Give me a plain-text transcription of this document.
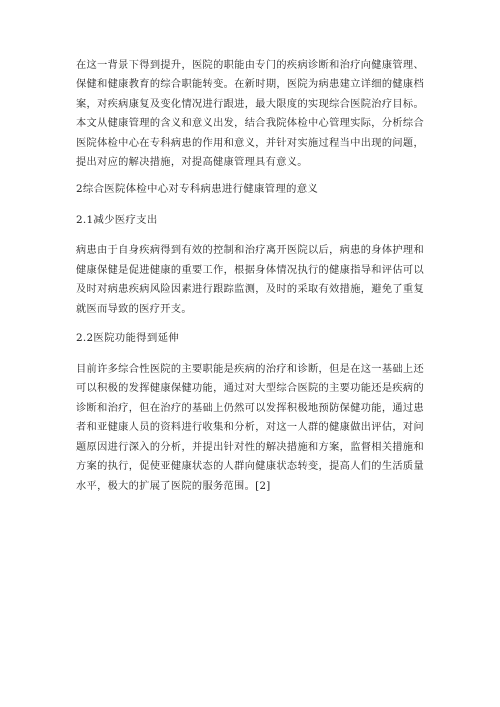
在这一背景下得到提升，医院的职能由专门的疾病诊断和治疗向健康管理、保健和健康教育的综合职能转变。在新时期，医院为病患建立详细的健康档案，对疾病康复及变化情况进行跟进，最大限度的实现综合医院治疗目标。本文从健康管理的含义和意义出发，结合我院体检中心管理实际，分析综合医院体检中心在专科病患的作用和意义，并针对实施过程当中出现的问题，提出对应的解决措施，对提高健康管理具有意义。

2综合医院体检中心对专科病患进行健康管理的意义

2.1减少医疗支出

病患由于自身疾病得到有效的控制和治疗离开医院以后，病患的身体护理和健康保健是促进健康的重要工作，根据身体情况执行的健康指导和评估可以及时对病患疾病风险因素进行跟踪监测，及时的采取有效措施，避免了重复就医而导致的医疗开支。

2.2医院功能得到延伸

目前许多综合性医院的主要职能是疾病的治疗和诊断，但是在这一基础上还可以积极的发挥健康保健功能，通过对大型综合医院的主要功能还是疾病的诊断和治疗，但在治疗的基础上仍然可以发挥积极地预防保健功能，通过患者和亚健康人员的资料进行收集和分析，对这一人群的健康做出评估，对问题原因进行深入的分析，并提出针对性的解决措施和方案，监督相关措施和方案的执行，促使亚健康状态的人群向健康状态转变，提高人们的生活质量水平，极大的扩展了医院的服务范围。[2]
